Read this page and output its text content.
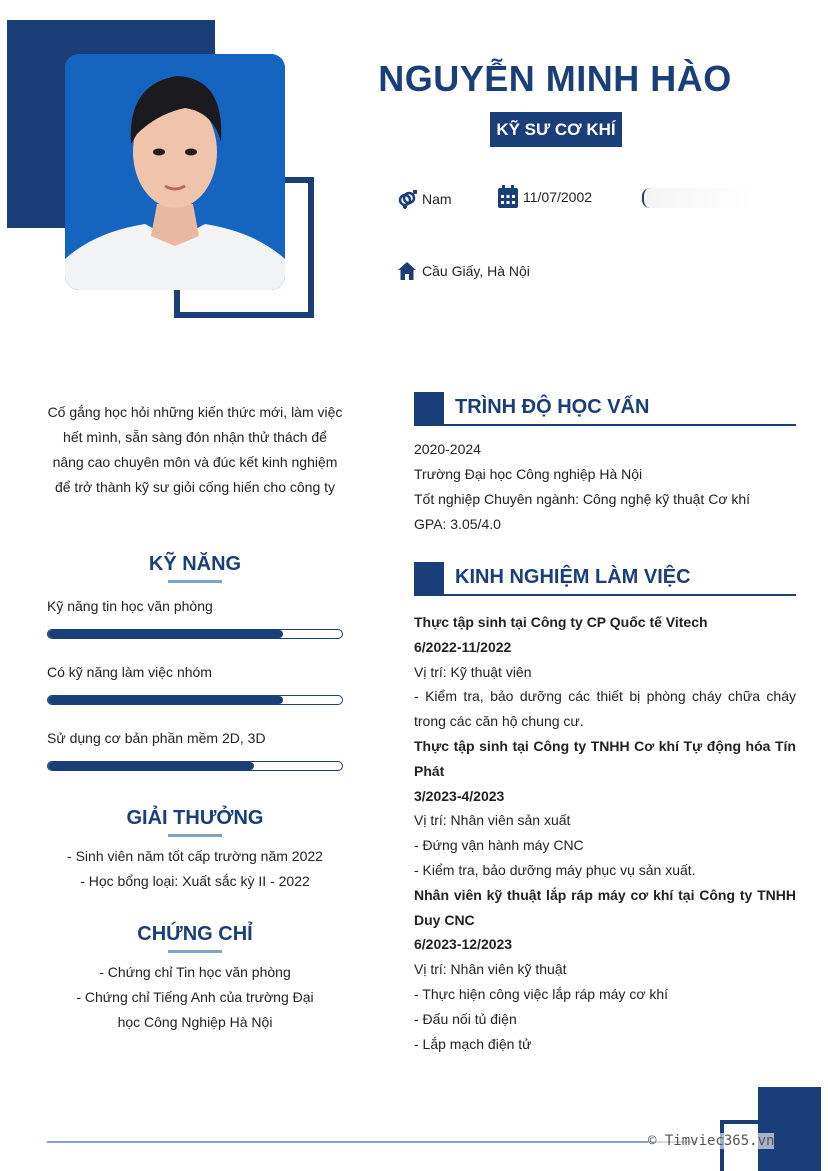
NGUYỄN MINH HÀO
KỸ SƯ CƠ KHÍ
Nam	11/07/2002
Cầu Giấy, Hà Nội
Cố gắng học hỏi những kiến thức mới, làm việc hết mình, sẵn sàng đón nhận thử thách để nâng cao chuyên môn và đúc kết kinh nghiệm để trở thành kỹ sư giỏi cống hiến cho công ty
KỸ NĂNG
Kỹ năng tin học văn phòng
Có kỹ năng làm việc nhóm
Sử dụng cơ bản phần mềm 2D, 3D
GIẢI THƯỞNG
- Sinh viên năm tốt cấp trường năm 2022
- Học bổng loại: Xuất sắc kỳ II - 2022
CHỨNG CHỈ
- Chứng chỉ Tin học văn phòng
- Chứng chỉ Tiếng Anh của trường Đại học Công Nghiệp Hà Nội
TRÌNH ĐỘ HỌC VẤN
2020-2024
Trường Đại học Công nghiệp Hà Nội
Tốt nghiệp Chuyên ngành: Công nghệ kỹ thuật Cơ khí
GPA: 3.05/4.0
KINH NGHIỆM LÀM VIỆC
Thực tập sinh tại Công ty CP Quốc tế Vitech
6/2022-11/2022
Vị trí: Kỹ thuật viên
- Kiểm tra, bảo dưỡng các thiết bị phòng cháy chữa cháy trong các căn hộ chung cư.
Thực tập sinh tại Công ty TNHH Cơ khí Tự động hóa Tín Phát
3/2023-4/2023
Vị trí: Nhân viên sản xuất
- Đứng vận hành máy CNC
- Kiểm tra, bảo dưỡng máy phục vụ sản xuất.
Nhân viên kỹ thuật lắp ráp máy cơ khí tại Công ty TNHH Duy CNC
6/2023-12/2023
Vị trí: Nhân viên kỹ thuật
- Thực hiện công việc lắp ráp máy cơ khí
- Đấu nối tủ điện
- Lắp mạch điện tử
© Timviec365.vn
